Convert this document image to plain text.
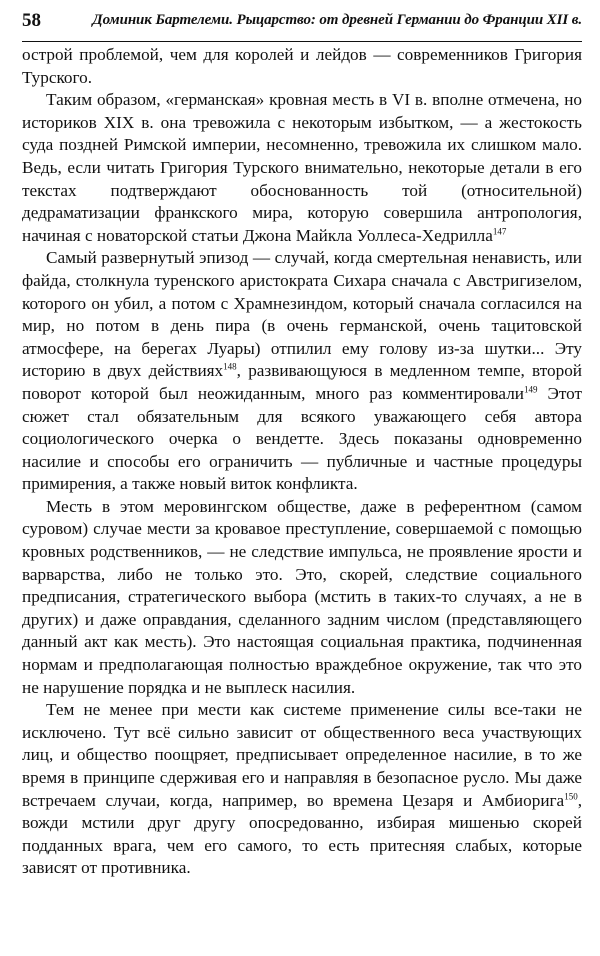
58	Доминик Бартелеми. Рыцарство: от древней Германии до Франции XII в.

острой проблемой, чем для королей и лейдов — современников Григория Турского.

Таким образом, «германская» кровная месть в VI в. вполне отмечена, но историков XIX в. она тревожила с некоторым избытком, — а жестокость суда поздней Римской империи, несомненно, тревожила их слишком мало. Ведь, если читать Григория Турского внимательно, некоторые детали в его текстах подтверждают обоснованность той (относительной) дедраматизации франкского мира, которую совершила антропология, начиная с новаторской статьи Джона Майкла Уоллеса-Хедрилла$^{147}$

Самый развернутый эпизод — случай, когда смертельная ненависть, или файда, столкнула туренского аристократа Сихара сначала с Австригизелом, которого он убил, а потом с Храмнезиндом, который сначала согласился на мир, но потом в день пира (в очень германской, очень тацитовской атмосфере, на берегах Луары) отпилил ему голову из-за шутки... Эту историю в двух действиях$^{148}$, развивающуюся в медленном темпе, второй поворот которой был неожиданным, много раз комментировали$^{149}$ Этот сюжет стал обязательным для всякого уважающего себя автора социологического очерка о вендетте. Здесь показаны одновременно насилие и способы его ограничить — публичные и частные процедуры примирения, а также новый виток конфликта.

Месть в этом меровингском обществе, даже в референтном (самом суровом) случае мести за кровавое преступление, совершаемой с помощью кровных родственников, — не следствие импульса, не проявление ярости и варварства, либо не только это. Это, скорей, следствие социального предписания, стратегического выбора (мстить в таких-то случаях, а не в других) и даже оправдания, сделанного задним числом (представляющего данный акт как месть). Это настоящая социальная практика, подчиненная нормам и предполагающая полностью враждебное окружение, так что это не нарушение порядка и не выплеск насилия.

Тем не менее при мести как системе применение силы все-таки не исключено. Тут всё сильно зависит от общественного веса участвующих лиц, и общество поощряет, предписывает определенное насилие, в то же время в принципе сдерживая его и направляя в безопасное русло. Мы даже встречаем случаи, когда, например, во времена Цезаря и Амбиорига$^{150}$, вожди мстили друг другу опосредованно, избирая мишенью скорей подданных врага, чем его самого, то есть притесняя слабых, которые зависят от противника.
